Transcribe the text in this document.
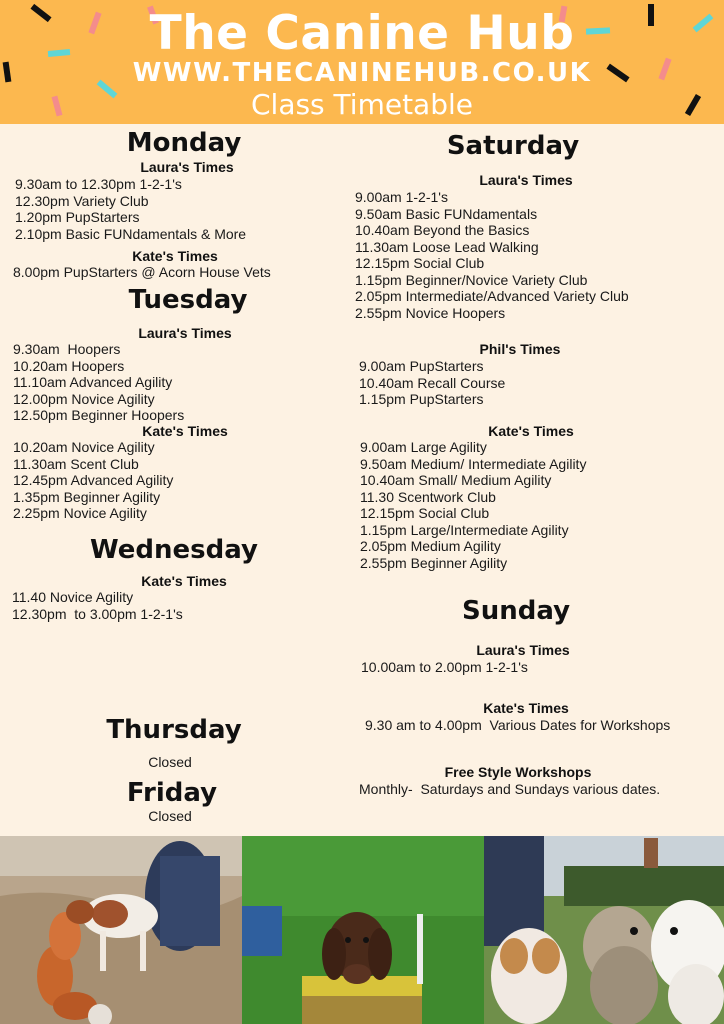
The Canine Hub
WWW.THECANINEHUB.CO.UK
Class Timetable
Monday
Laura's Times
9.30am to 12.30pm 1-2-1's
12.30pm Variety Club
1.20pm PupStarters
2.10pm Basic FUNdamentals & More
Kate's Times
8.00pm PupStarters @ Acorn House Vets
Tuesday
Laura's Times
9.30am  Hoopers
10.20am Hoopers
11.10am Advanced Agility
12.00pm Novice Agility
12.50pm Beginner Hoopers
Kate's Times
10.20am Novice Agility
11.30am Scent Club
12.45pm Advanced Agility
1.35pm Beginner Agility
2.25pm Novice Agility
Wednesday
Kate's Times
11.40 Novice Agility
12.30pm  to 3.00pm 1-2-1's
Thursday
Closed
Friday
Closed
Saturday
Laura's Times
9.00am 1-2-1's
9.50am Basic FUNdamentals
10.40am Beyond the Basics
11.30am Loose Lead Walking
12.15pm Social Club
1.15pm Beginner/Novice Variety Club
2.05pm Intermediate/Advanced Variety Club
2.55pm Novice Hoopers
Phil's Times
9.00am PupStarters
10.40am Recall Course
1.15pm PupStarters
Kate's Times
9.00am Large Agility
9.50am Medium/ Intermediate Agility
10.40am Small/ Medium Agility
11.30 Scentwork Club
12.15pm Social Club
1.15pm Large/Intermediate Agility
2.05pm Medium Agility
2.55pm Beginner Agility
Sunday
Laura's Times
10.00am to 2.00pm 1-2-1's
Kate's Times
9.30 am to 4.00pm  Various Dates for Workshops
Free Style Workshops
Monthly-  Saturdays and Sundays various dates.
